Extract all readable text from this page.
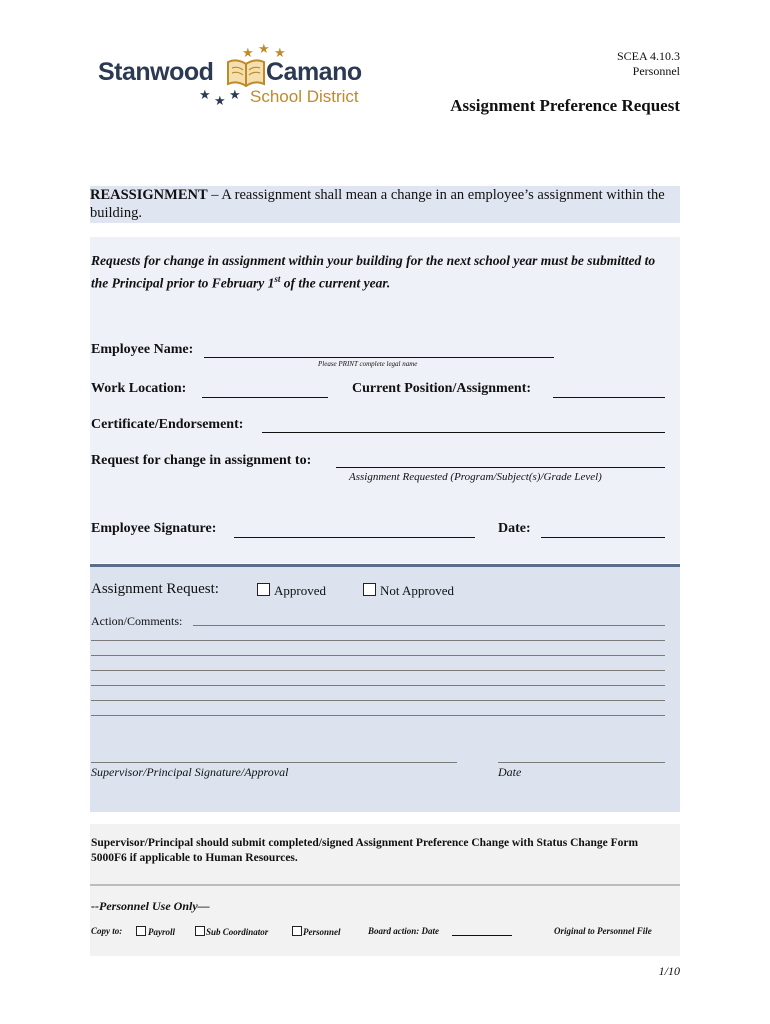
★ ★ ★
★ ★ ★
Stanwood Camano
School District
SCEA 4.10.3
Personnel
Assignment Preference Request

REASSIGNMENT – A reassignment shall mean a change in an employee’s assignment within the building.

Requests for change in assignment within your building for the next school year must be submitted to the Principal prior to February 1st of the current year.
Employee Name:
Please PRINT complete legal name
Work Location:	Current Position/Assignment:
Certificate/Endorsement:
Request for change in assignment to:
Assignment Requested (Program/Subject(s)/Grade Level)
Employee Signature:	Date:
Assignment Request:	Approved	Not Approved
Action/Comments:
Supervisor/Principal Signature/Approval	Date
Supervisor/Principal should submit completed/signed Assignment Preference Change with Status Change Form 5000F6 if applicable to Human Resources.
--Personnel Use Only—
Copy to:	Payroll	Sub Coordinator	Personnel	Board action: Date	Original to Personnel File
1/10
